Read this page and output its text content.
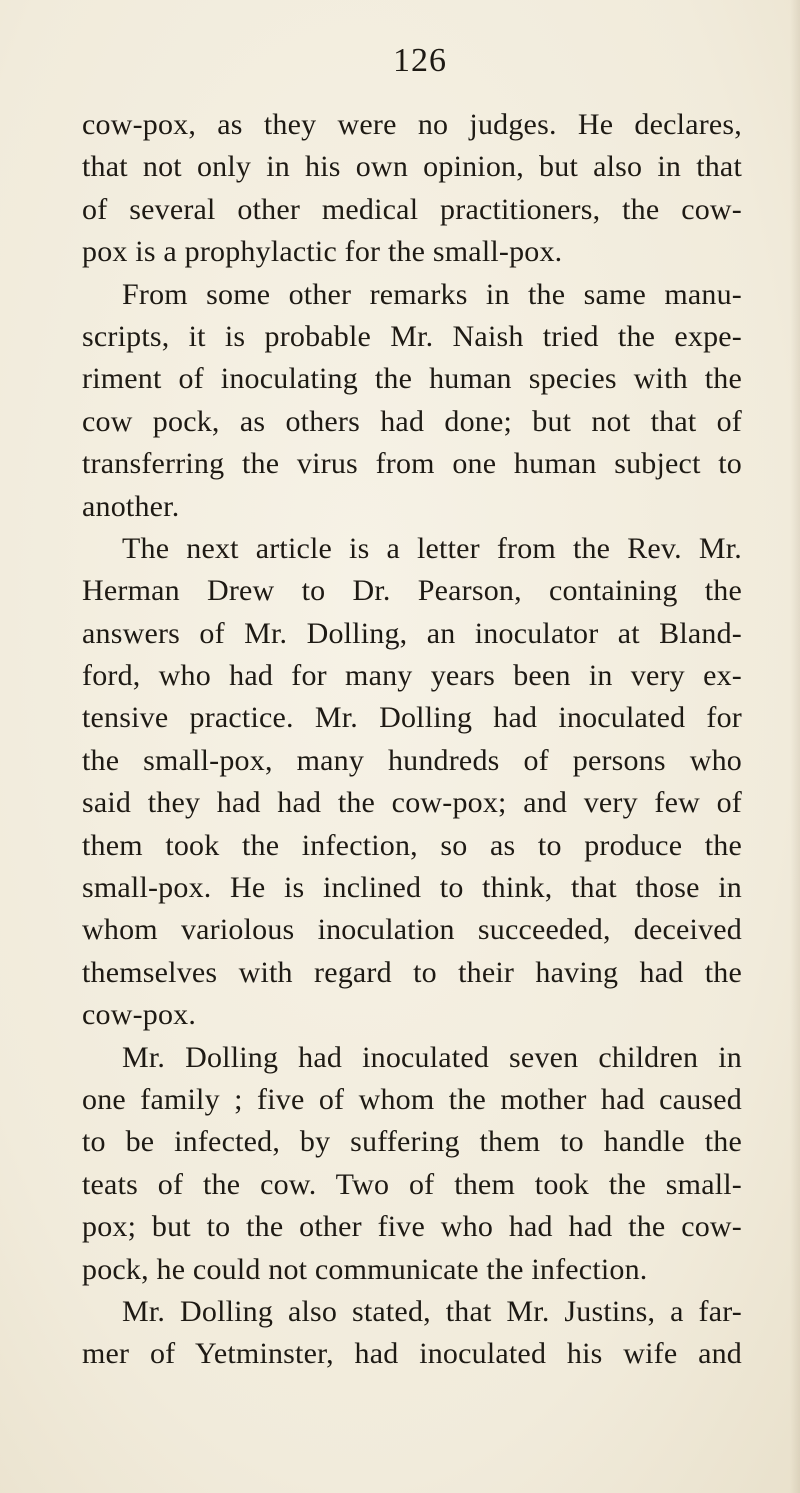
126
cow-pox, as they were no judges. He declares,
that not only in his own opinion, but also in that
of several other medical practitioners, the cow-
pox is a prophylactic for the small-pox.
From some other remarks in the same manu-
scripts, it is probable Mr. Naish tried the expe-
riment of inoculating the human species with the
cow pock, as others had done; but not that of
transferring the virus from one human subject to
another.
The next article is a letter from the Rev. Mr.
Herman Drew to Dr. Pearson, containing the
answers of Mr. Dolling, an inoculator at Bland-
ford, who had for many years been in very ex-
tensive practice. Mr. Dolling had inoculated for
the small-pox, many hundreds of persons who
said they had had the cow-pox; and very few of
them took the infection, so as to produce the
small-pox. He is inclined to think, that those in
whom variolous inoculation succeeded, deceived
themselves with regard to their having had the
cow-pox.
Mr. Dolling had inoculated seven children in
one family ; five of whom the mother had caused
to be infected, by suffering them to handle the
teats of the cow. Two of them took the small-
pox; but to the other five who had had the cow-
pock, he could not communicate the infection.
Mr. Dolling also stated, that Mr. Justins, a far-
mer of Yetminster, had inoculated his wife and
